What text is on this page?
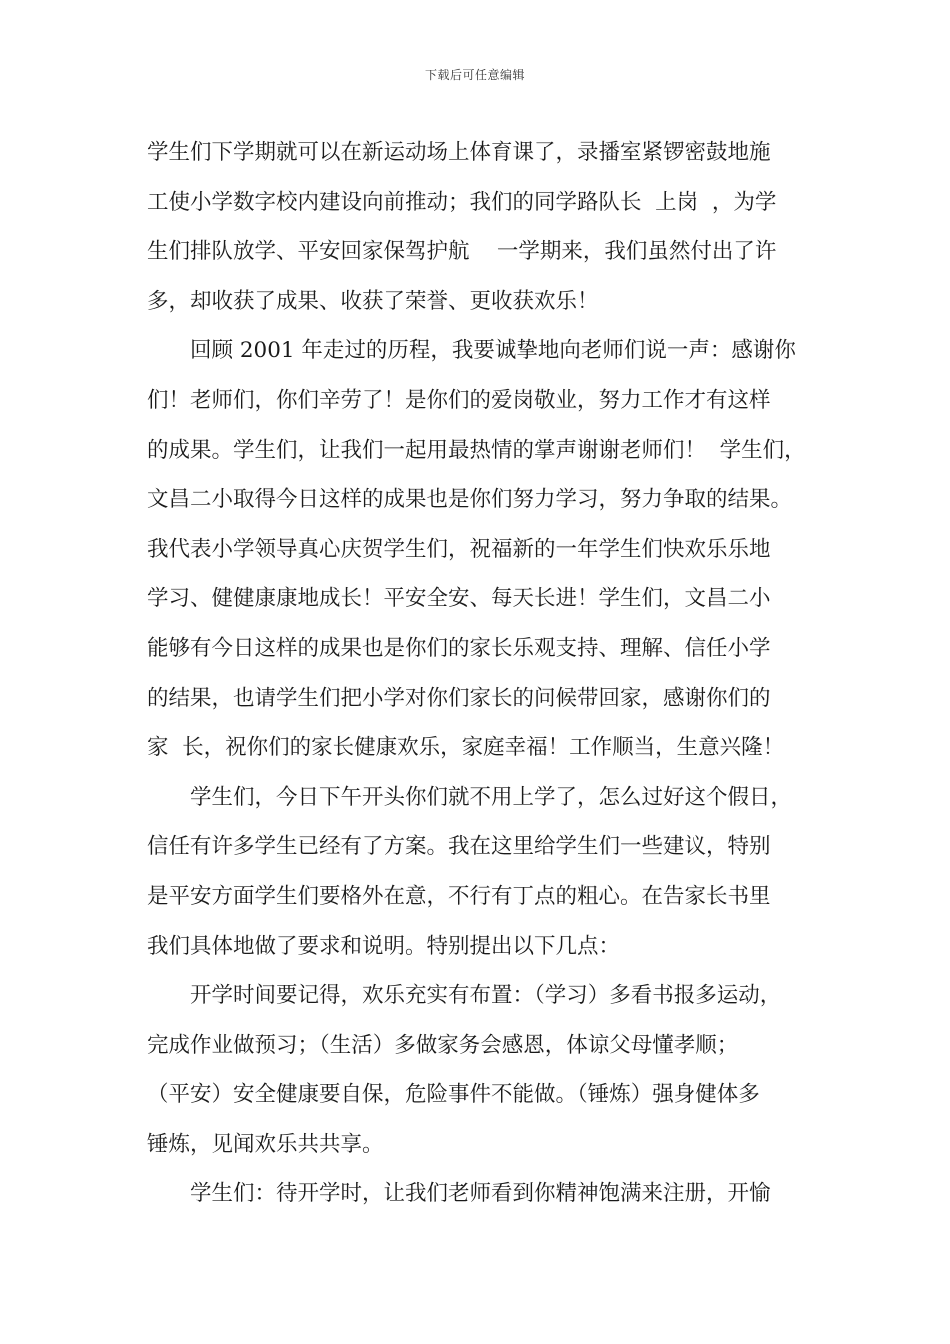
下载后可任意编辑
学生们下学期就可以在新运动场上体育课了，录播室紧锣密鼓地施
工使小学数字校内建设向前推动；我们的同学路队长  上岗  ，为学
生们排队放学、平安回家保驾护航    一学期来，我们虽然付出了许
多，却收获了成果、收获了荣誉、更收获欢乐！
回顾 2001 年走过的历程，我要诚挚地向老师们说一声：感谢你
们！老师们，你们辛劳了！是你们的爱岗敬业，努力工作才有这样
的成果。学生们，让我们一起用最热情的掌声谢谢老师们！  学生们，
文昌二小取得今日这样的成果也是你们努力学习，努力争取的结果。
我代表小学领导真心庆贺学生们，祝福新的一年学生们快欢乐乐地
学习、健健康康地成长！平安全安、每天长进！学生们，文昌二小
能够有今日这样的成果也是你们的家长乐观支持、理解、信任小学
的结果，也请学生们把小学对你们家长的问候带回家，感谢你们的
家  长，祝你们的家长健康欢乐，家庭幸福！工作顺当，生意兴隆！
学生们，今日下午开头你们就不用上学了，怎么过好这个假日，
信任有许多学生已经有了方案。我在这里给学生们一些建议，特别
是平安方面学生们要格外在意，不行有丁点的粗心。在告家长书里
我们具体地做了要求和说明。特别提出以下几点：
开学时间要记得，欢乐充实有布置：（学习）多看书报多运动，
完成作业做预习；（生活）多做家务会感恩，体谅父母懂孝顺；
（平安）安全健康要自保，危险事件不能做。（锤炼）强身健体多
锤炼，见闻欢乐共共享。
学生们：待开学时，让我们老师看到你精神饱满来注册，开愉
